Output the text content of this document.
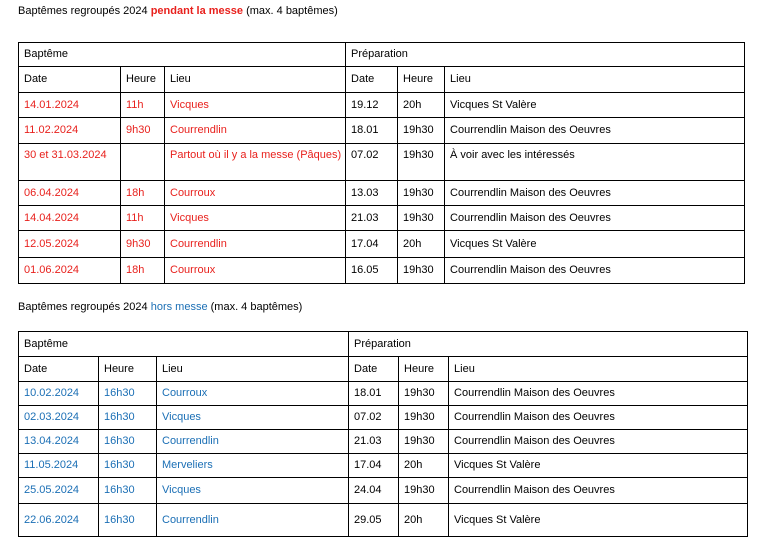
Baptêmes regroupés 2024 pendant la messe (max. 4 baptêmes)
Baptême			Préparation		
Date	Heure	Lieu	Date	Heure	Lieu
14.01.2024	11h	Vicques	19.12	20h	Vicques St Valère
11.02.2024	9h30	Courrendlin	18.01	19h30	Courrendlin Maison des Oeuvres
30 et 31.03.2024		Partout où il y a la messe (Pâques)	07.02	19h30	À voir avec les intéressés
06.04.2024	18h	Courroux	13.03	19h30	Courrendlin Maison des Oeuvres
14.04.2024	11h	Vicques	21.03	19h30	Courrendlin Maison des Oeuvres
12.05.2024	9h30	Courrendlin	17.04	20h	Vicques St Valère
01.06.2024	18h	Courroux	16.05	19h30	Courrendlin Maison des Oeuvres
Baptêmes regroupés 2024 hors messe (max. 4 baptêmes)
Baptême			Préparation		
Date	Heure	Lieu	Date	Heure	Lieu
10.02.2024	16h30	Courroux	18.01	19h30	Courrendlin Maison des Oeuvres
02.03.2024	16h30	Vicques	07.02	19h30	Courrendlin Maison des Oeuvres
13.04.2024	16h30	Courrendlin	21.03	19h30	Courrendlin Maison des Oeuvres
11.05.2024	16h30	Merveliers	17.04	20h	Vicques St Valère
25.05.2024	16h30	Vicques	24.04	19h30	Courrendlin Maison des Oeuvres
22.06.2024	16h30	Courrendlin	29.05	20h	Vicques St Valère
